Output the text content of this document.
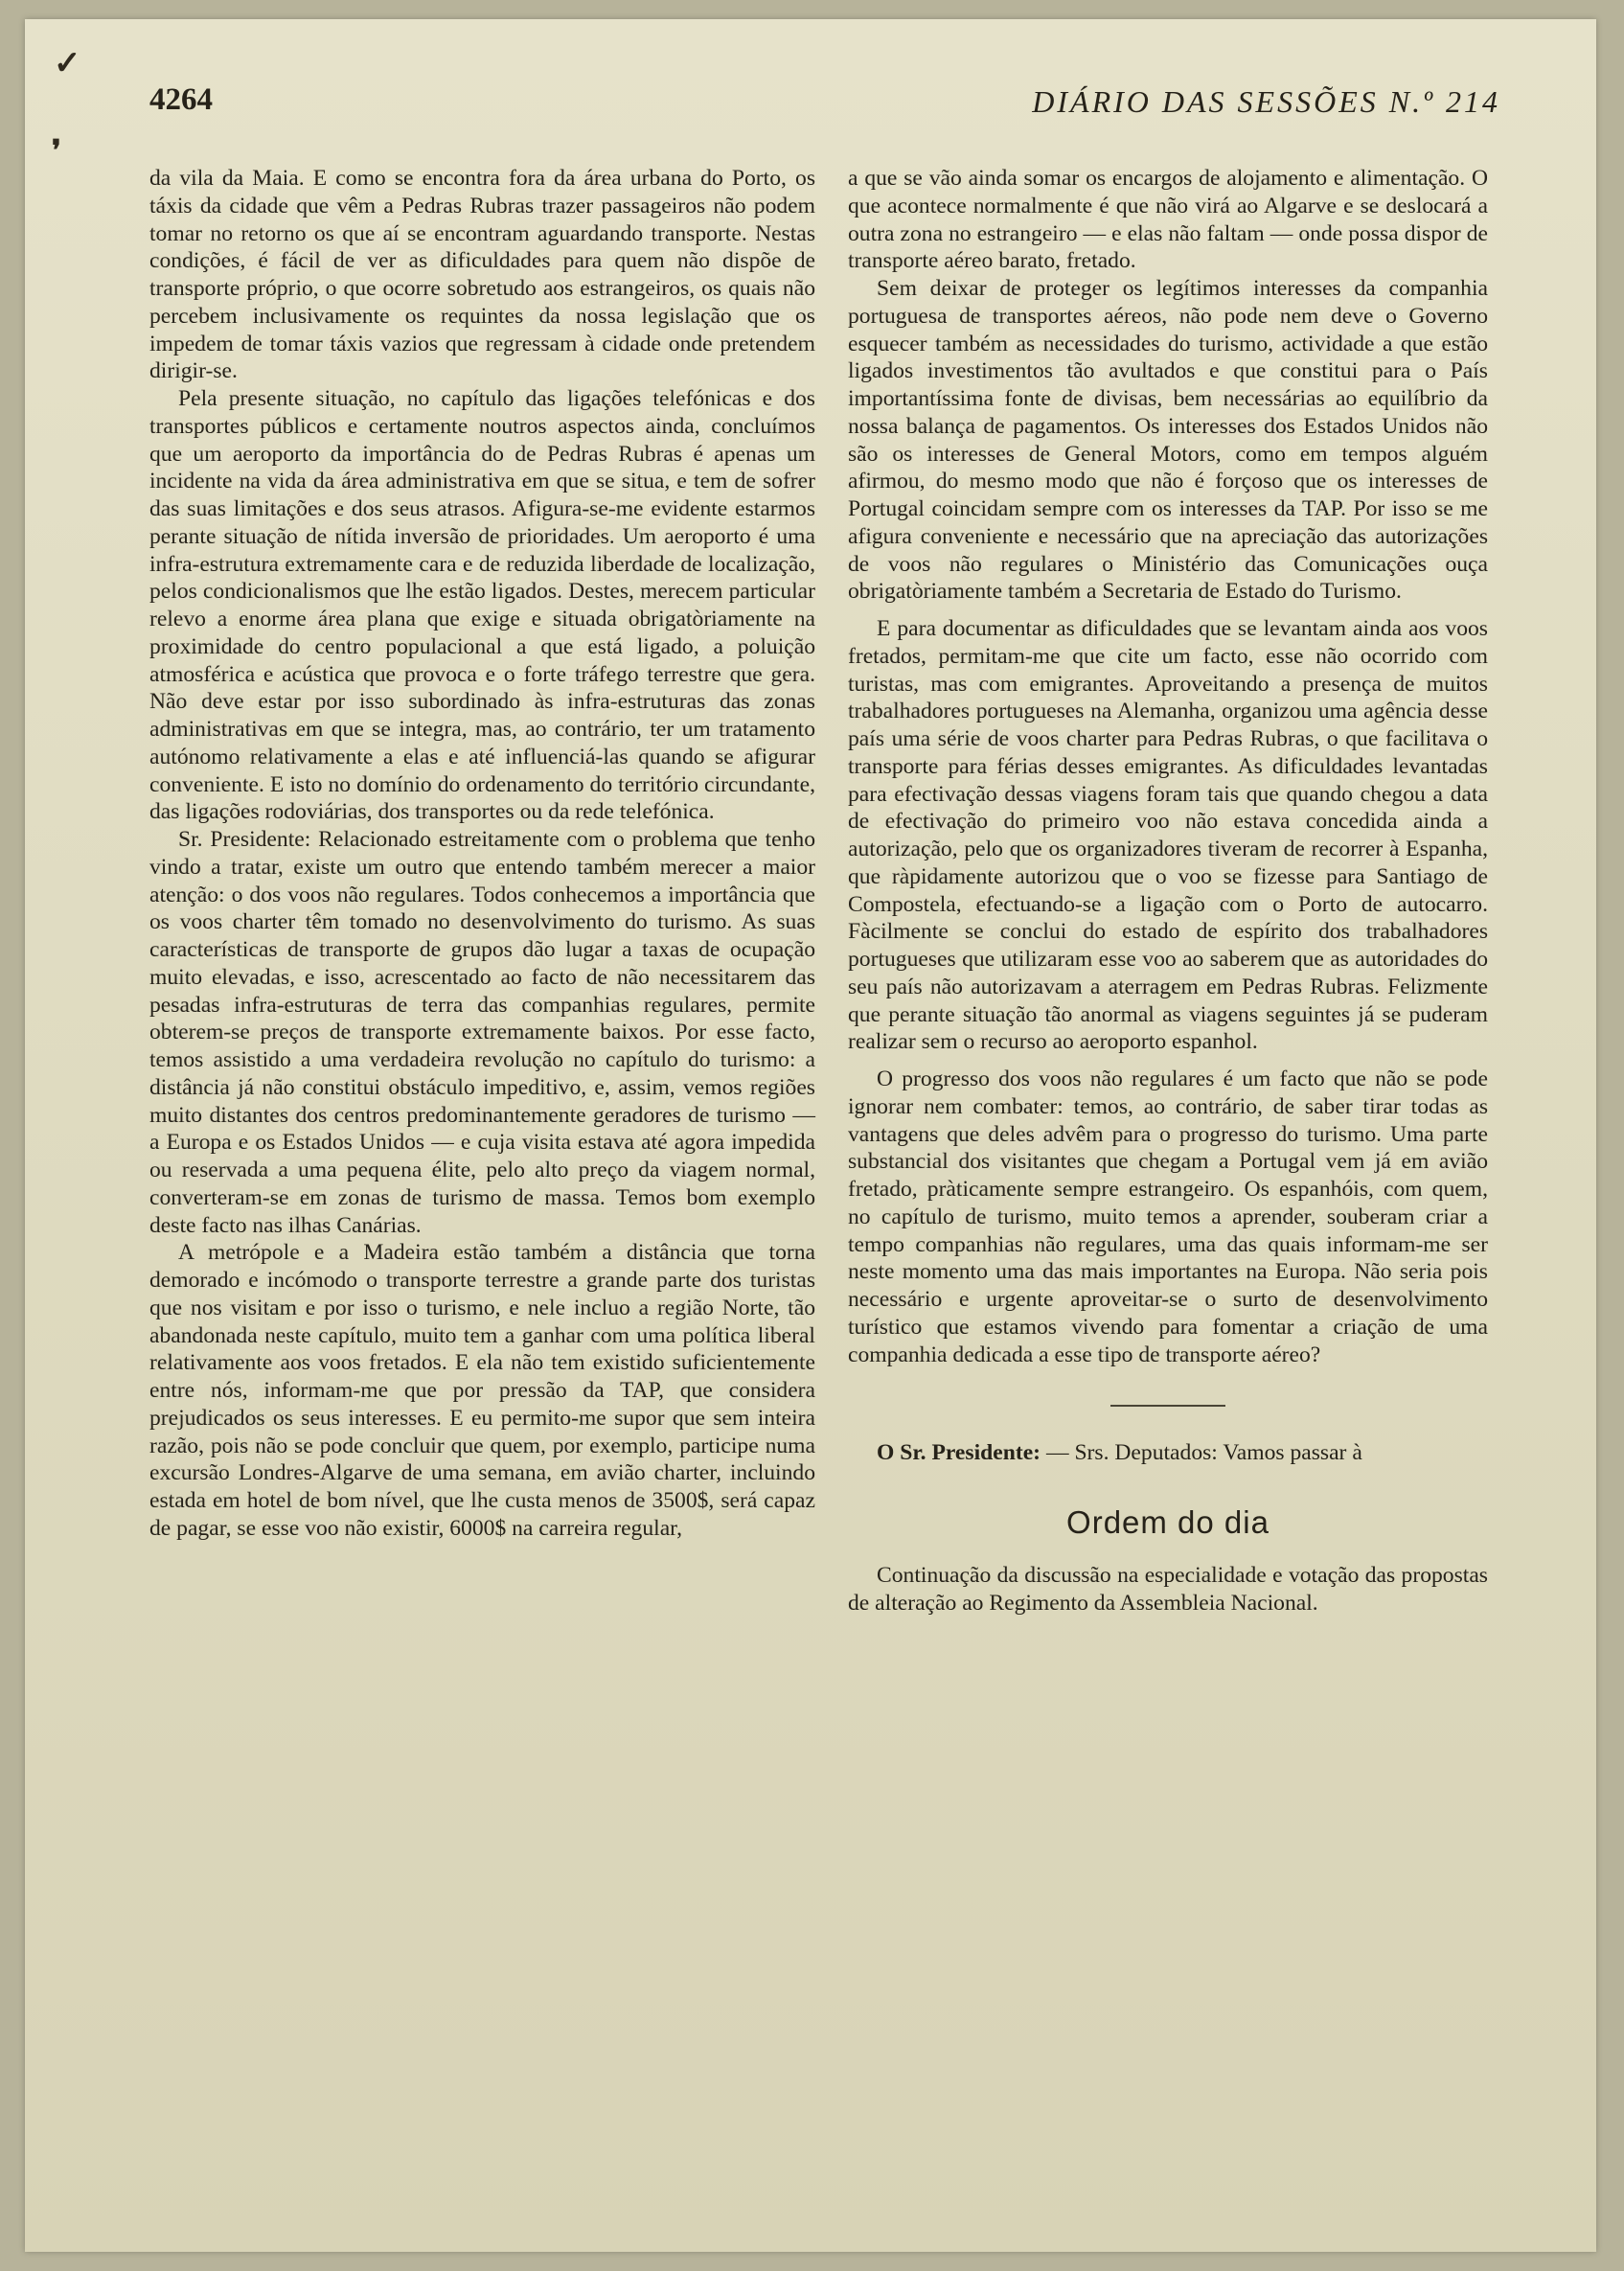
✓
❜
4264	DIÁRIO DAS SESSÕES N.º 214

da vila da Maia. E como se encontra fora da área urbana do Porto, os táxis da cidade que vêm a Pedras Rubras trazer passageiros não podem tomar no retorno os que aí se encontram aguardando transporte. Nestas condições, é fácil de ver as dificuldades para quem não dispõe de transporte próprio, o que ocorre sobretudo aos estrangeiros, os quais não percebem inclusivamente os requintes da nossa legislação que os impedem de tomar táxis vazios que regressam à cidade onde pretendem dirigir-se.

Pela presente situação, no capítulo das ligações telefónicas e dos transportes públicos e certamente noutros aspectos ainda, concluímos que um aeroporto da importância do de Pedras Rubras é apenas um incidente na vida da área administrativa em que se situa, e tem de sofrer das suas limitações e dos seus atrasos. Afigura-se-me evidente estarmos perante situação de nítida inversão de prioridades. Um aeroporto é uma infra-estrutura extremamente cara e de reduzida liberdade de localização, pelos condicionalismos que lhe estão ligados. Destes, merecem particular relevo a enorme área plana que exige e situada obrigatòriamente na proximidade do centro populacional a que está ligado, a poluição atmosférica e acústica que provoca e o forte tráfego terrestre que gera. Não deve estar por isso subordinado às infra-estruturas das zonas administrativas em que se integra, mas, ao contrário, ter um tratamento autónomo relativamente a elas e até influenciá-las quando se afigurar conveniente. E isto no domínio do ordenamento do território circundante, das ligações rodoviárias, dos transportes ou da rede telefónica.

Sr. Presidente: Relacionado estreitamente com o problema que tenho vindo a tratar, existe um outro que entendo também merecer a maior atenção: o dos voos não regulares. Todos conhecemos a importância que os voos charter têm tomado no desenvolvimento do turismo. As suas características de transporte de grupos dão lugar a taxas de ocupação muito elevadas, e isso, acrescentado ao facto de não necessitarem das pesadas infra-estruturas de terra das companhias regulares, permite obterem-se preços de transporte extremamente baixos. Por esse facto, temos assistido a uma verdadeira revolução no capítulo do turismo: a distância já não constitui obstáculo impeditivo, e, assim, vemos regiões muito distantes dos centros predominantemente geradores de turismo — a Europa e os Estados Unidos — e cuja visita estava até agora impedida ou reservada a uma pequena élite, pelo alto preço da viagem normal, converteram-se em zonas de turismo de massa. Temos bom exemplo deste facto nas ilhas Canárias.

A metrópole e a Madeira estão também a distância que torna demorado e incómodo o transporte terrestre a grande parte dos turistas que nos visitam e por isso o turismo, e nele incluo a região Norte, tão abandonada neste capítulo, muito tem a ganhar com uma política liberal relativamente aos voos fretados. E ela não tem existido suficientemente entre nós, informam-me que por pressão da TAP, que considera prejudicados os seus interesses. E eu permito-me supor que sem inteira razão, pois não se pode concluir que quem, por exemplo, participe numa excursão Londres-Algarve de uma semana, em avião charter, incluindo estada em hotel de bom nível, que lhe custa menos de 3500$, será capaz de pagar, se esse voo não existir, 6000$ na carreira regular,

a que se vão ainda somar os encargos de alojamento e alimentação. O que acontece normalmente é que não virá ao Algarve e se deslocará a outra zona no estrangeiro — e elas não faltam — onde possa dispor de transporte aéreo barato, fretado.

Sem deixar de proteger os legítimos interesses da companhia portuguesa de transportes aéreos, não pode nem deve o Governo esquecer também as necessidades do turismo, actividade a que estão ligados investimentos tão avultados e que constitui para o País importantíssima fonte de divisas, bem necessárias ao equilíbrio da nossa balança de pagamentos. Os interesses dos Estados Unidos não são os interesses de General Motors, como em tempos alguém afirmou, do mesmo modo que não é forçoso que os interesses de Portugal coincidam sempre com os interesses da TAP. Por isso se me afigura conveniente e necessário que na apreciação das autorizações de voos não regulares o Ministério das Comunicações ouça obrigatòriamente também a Secretaria de Estado do Turismo.

E para documentar as dificuldades que se levantam ainda aos voos fretados, permitam-me que cite um facto, esse não ocorrido com turistas, mas com emigrantes. Aproveitando a presença de muitos trabalhadores portugueses na Alemanha, organizou uma agência desse país uma série de voos charter para Pedras Rubras, o que facilitava o transporte para férias desses emigrantes. As dificuldades levantadas para efectivação dessas viagens foram tais que quando chegou a data de efectivação do primeiro voo não estava concedida ainda a autorização, pelo que os organizadores tiveram de recorrer à Espanha, que ràpidamente autorizou que o voo se fizesse para Santiago de Compostela, efectuando-se a ligação com o Porto de autocarro. Fàcilmente se conclui do estado de espírito dos trabalhadores portugueses que utilizaram esse voo ao saberem que as autoridades do seu país não autorizavam a aterragem em Pedras Rubras. Felizmente que perante situação tão anormal as viagens seguintes já se puderam realizar sem o recurso ao aeroporto espanhol.

O progresso dos voos não regulares é um facto que não se pode ignorar nem combater: temos, ao contrário, de saber tirar todas as vantagens que deles advêm para o progresso do turismo. Uma parte substancial dos visitantes que chegam a Portugal vem já em avião fretado, pràticamente sempre estrangeiro. Os espanhóis, com quem, no capítulo de turismo, muito temos a aprender, souberam criar a tempo companhias não regulares, uma das quais informam-me ser neste momento uma das mais importantes na Europa. Não seria pois necessário e urgente aproveitar-se o surto de desenvolvimento turístico que estamos vivendo para fomentar a criação de uma companhia dedicada a esse tipo de transporte aéreo?

O Sr. Presidente: — Srs. Deputados: Vamos passar à

Ordem do dia

Continuação da discussão na especialidade e votação das propostas de alteração ao Regimento da Assembleia Nacional.
